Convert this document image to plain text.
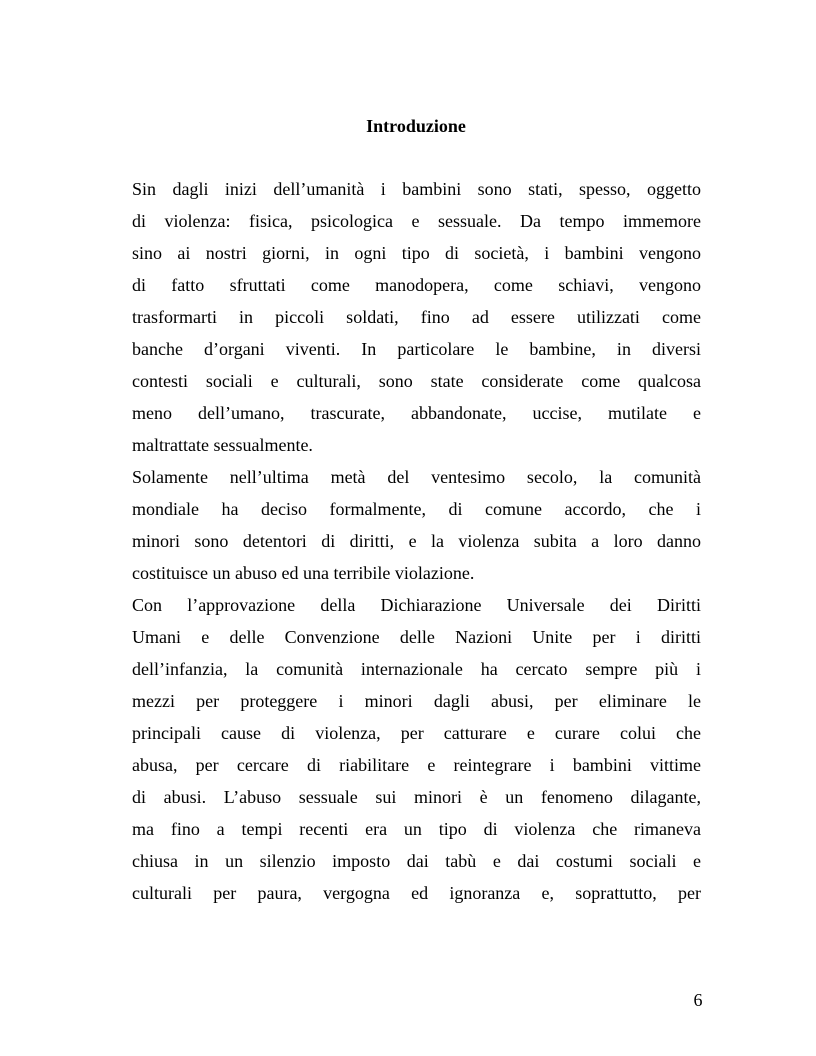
Introduzione
Sin dagli inizi dell’umanità i bambini sono stati, spesso, oggetto
di violenza: fisica, psicologica e sessuale. Da tempo immemore
sino ai nostri giorni, in ogni tipo di società, i bambini vengono
di fatto sfruttati come manodopera, come schiavi, vengono
trasformarti in piccoli soldati, fino ad essere utilizzati come
banche d’organi viventi. In particolare le bambine, in diversi
contesti sociali e culturali, sono state considerate come qualcosa
meno dell’umano, trascurate, abbandonate, uccise, mutilate e
maltrattate sessualmente.
Solamente nell’ultima metà del ventesimo secolo, la comunità
mondiale ha deciso formalmente, di comune accordo, che i
minori sono detentori di diritti, e la violenza subita a loro danno
costituisce un abuso ed una terribile violazione.
Con l’approvazione della Dichiarazione Universale dei Diritti
Umani e delle Convenzione delle Nazioni Unite per i diritti
dell’infanzia, la comunità internazionale ha cercato sempre più i
mezzi per proteggere i minori dagli abusi, per eliminare le
principali cause di violenza, per catturare e curare colui che
abusa, per cercare di riabilitare e reintegrare i bambini vittime
di abusi. L’abuso sessuale sui minori è un fenomeno dilagante,
ma fino a tempi recenti era un tipo di violenza che rimaneva
chiusa in un silenzio imposto dai tabù e dai costumi sociali e
culturali per paura, vergogna ed ignoranza e, soprattutto, per
6
